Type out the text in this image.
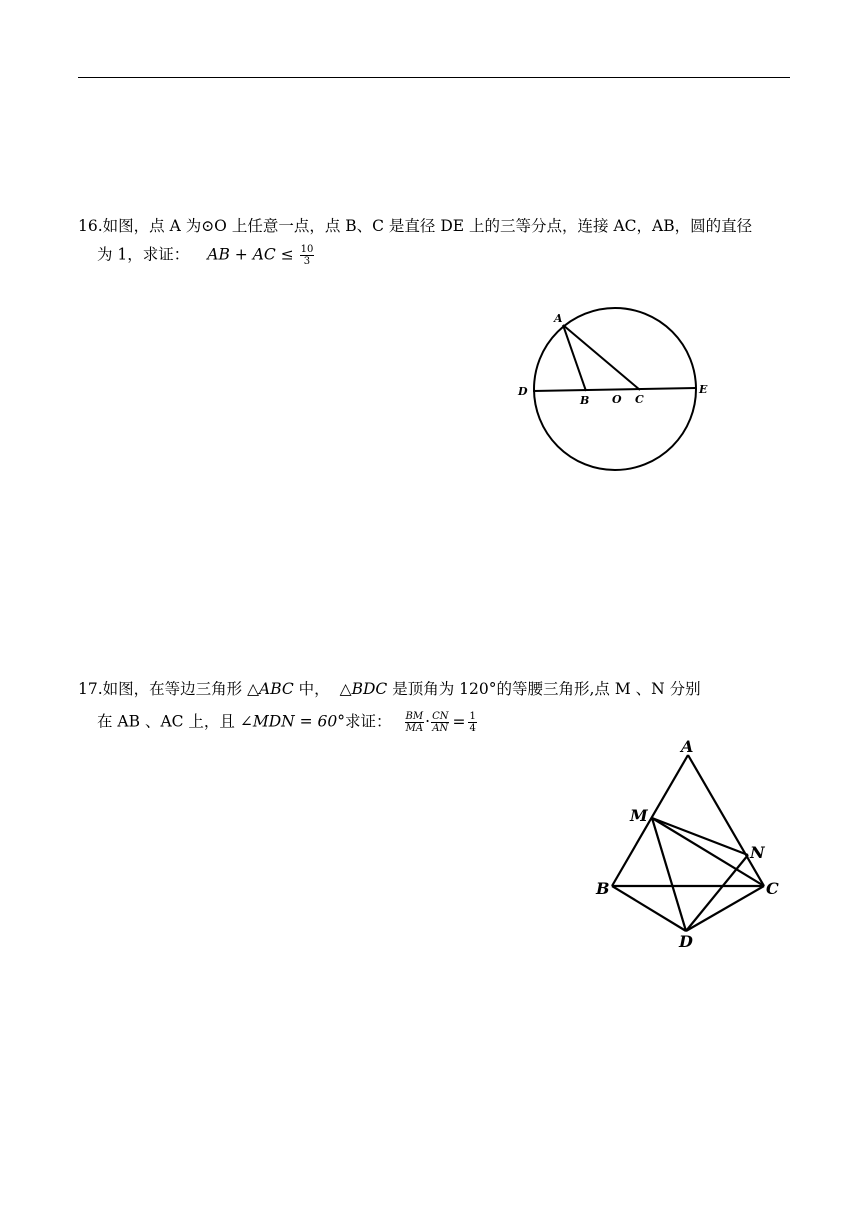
16.如图，点 A 为⊙O 上任意一点，点 B、C 是直径 DE 上的三等分点，连接 AC，AB，圆的直径
为 1，求证： AB + AC ≤ $\frac{10}{3}$
A
B O C
D	E
17.如图，在等边三角形 △ABC 中， △BDC 是顶角为 120°的等腰三角形,点 M 、N 分别
在 AB 、AC 上，且 ∠MDN = 60°求证： $\frac{BM}{MA} \cdot \frac{CN}{AN} = \frac{1}{4}$
A
M
N
B	C
D
